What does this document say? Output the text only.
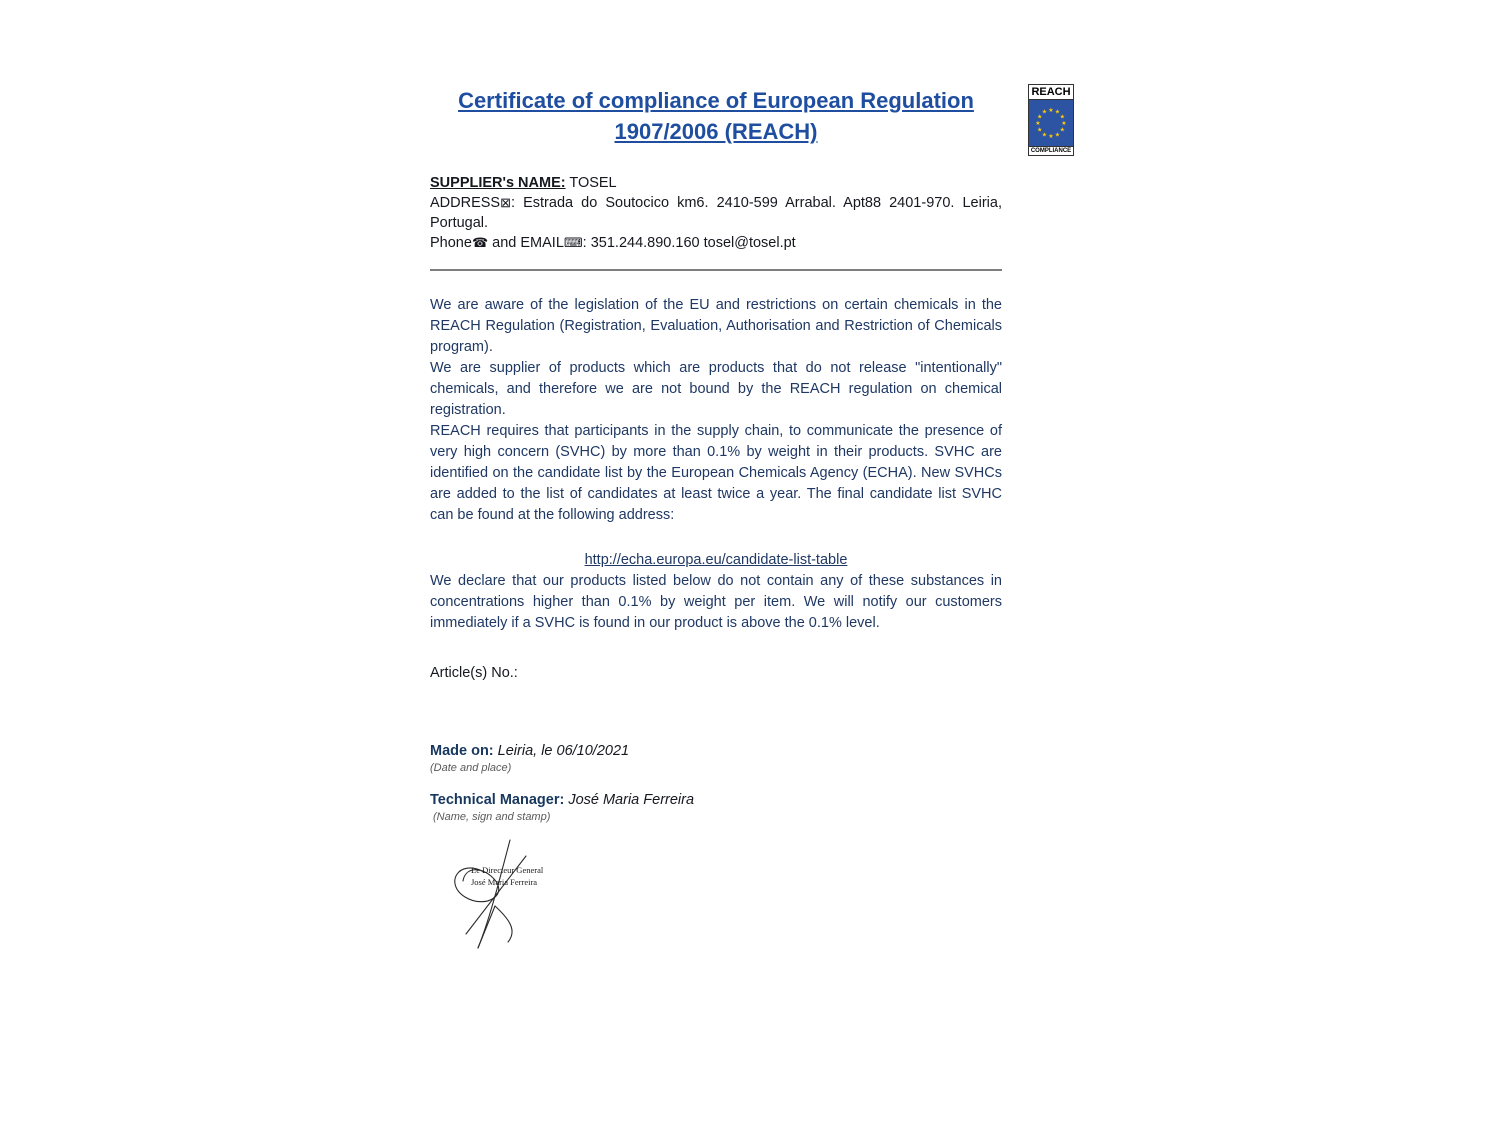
Certificate of compliance of European Regulation
1907/2006 (REACH)
SUPPLIER's NAME: TOSEL
ADDRESS⊠: Estrada do Soutocico km6. 2410-599 Arrabal. Apt88 2401-970. Leiria, Portugal.
Phone☎ and EMAIL⌨: 351.244.890.160 tosel@tosel.pt

We are aware of the legislation of the EU and restrictions on certain chemicals in the REACH Regulation (Registration, Evaluation, Authorisation and Restriction of Chemicals program).

We are supplier of products which are products that do not release "intentionally" chemicals, and therefore we are not bound by the REACH regulation on chemical registration.

REACH requires that participants in the supply chain, to communicate the presence of very high concern (SVHC) by more than 0.1% by weight in their products. SVHC are identified on the candidate list by the European Chemicals Agency (ECHA). New SVHCs are added to the list of candidates at least twice a year. The final candidate list SVHC can be found at the following address:

http://echa.europa.eu/candidate-list-table

We declare that our products listed below do not contain any of these substances in concentrations higher than 0.1% by weight per item. We will notify our customers immediately if a SVHC is found in our product is above the 0.1% level.

Article(s) No.:
Made on: Leiria, le 06/10/2021
(Date and place)
Technical Manager: José Maria Ferreira
(Name, sign and stamp)
Le Directeur General
José Maria Ferreira
REACH
★ ★
★
★
★
★
★
★
★
★
★
★
COMPLIANCE
